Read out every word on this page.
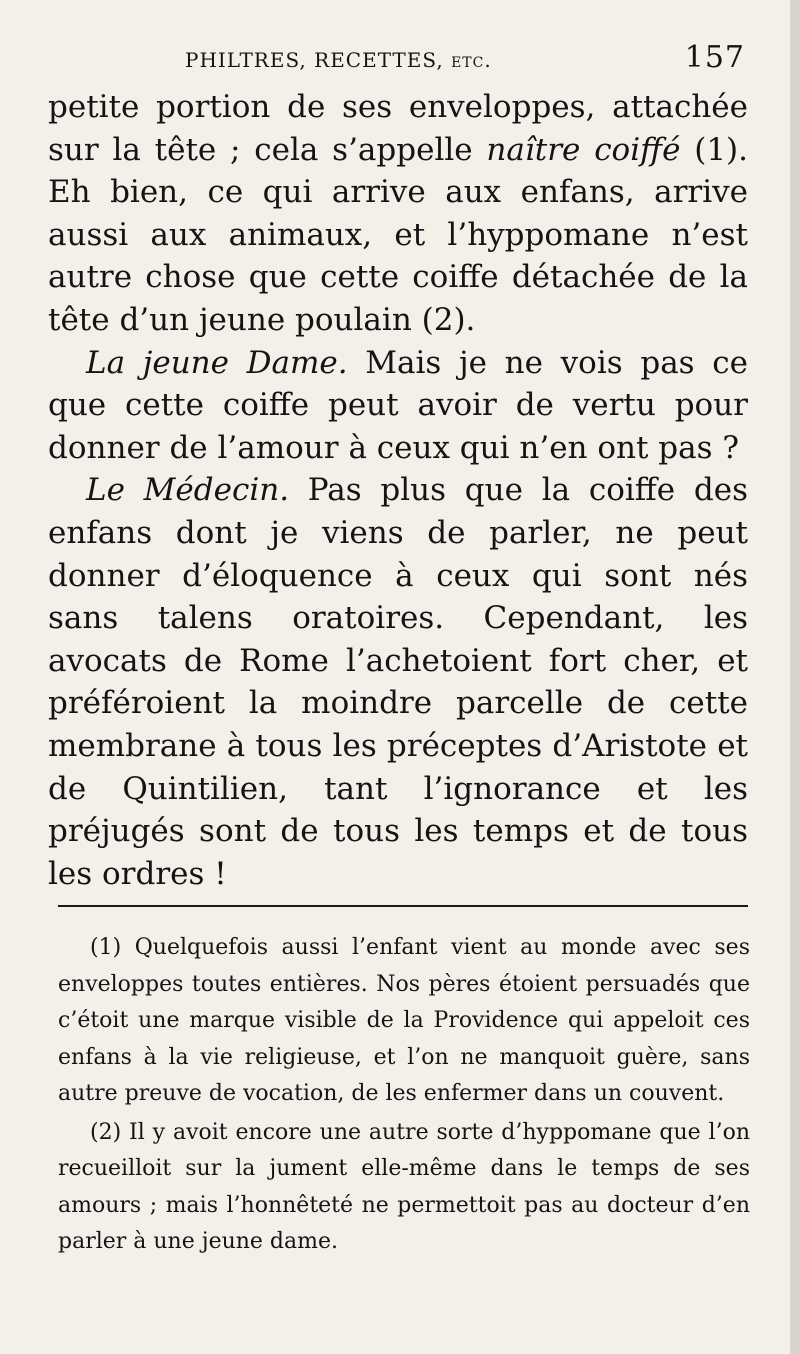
PHILTRES, RECETTES, etc.	157

petite portion de ses enveloppes, attachée sur la tête ; cela s’appelle naître coiffé (1). Eh bien, ce qui arrive aux enfans, arrive aussi aux animaux, et l’hyppomane n’est autre chose que cette coiffe détachée de la tête d’un jeune poulain (2).

La jeune Dame. Mais je ne vois pas ce que cette coiffe peut avoir de vertu pour donner de l’amour à ceux qui n’en ont pas ?

Le Médecin. Pas plus que la coiffe des enfans dont je viens de parler, ne peut donner d’éloquence à ceux qui sont nés sans talens oratoires. Cependant, les avocats de Rome l’achetoient fort cher, et préféroient la moindre parcelle de cette membrane à tous les préceptes d’Aristote et de Quintilien, tant l’ignorance et les préjugés sont de tous les temps et de tous les ordres !

(1) Quelquefois aussi l’enfant vient au monde avec ses enveloppes toutes entières. Nos pères étoient persuadés que c’étoit une marque visible de la Providence qui appeloit ces enfans à la vie religieuse, et l’on ne manquoit guère, sans autre preuve de vocation, de les enfermer dans un couvent.

(2) Il y avoit encore une autre sorte d’hyppomane que l’on recueilloit sur la jument elle-même dans le temps de ses amours ; mais l’honnêteté ne permettoit pas au docteur d’en parler à une jeune dame.
